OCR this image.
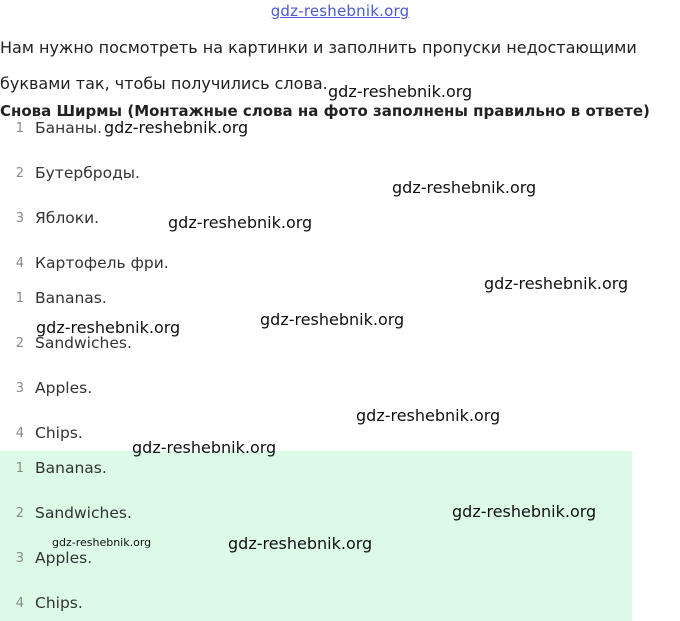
gdz-reshebnik.org
Нам нужно посмотреть на картинки и заполнить пропуски недостающими буквами так, чтобы получились слова.
Снова Ширмы (Монтажные слова на фото заполнены правильно в ответе)
1 Бананы.
2 Бутерброды.
3 Яблоки.
4 Картофель фри.
1 Bananas.
2 Sandwiches.
3 Apples.
4 Chips.
1 Bananas.
2 Sandwiches.
3 Apples.
4 Chips.
gdz-reshebnik.org
gdz-reshebnik.org
gdz-reshebnik.org
gdz-reshebnik.org
gdz-reshebnik.org
gdz-reshebnik.org
gdz-reshebnik.org
gdz-reshebnik.org
gdz-reshebnik.org
gdz-reshebnik.org
gdz-reshebnik.org	gdz-reshebnik.org
